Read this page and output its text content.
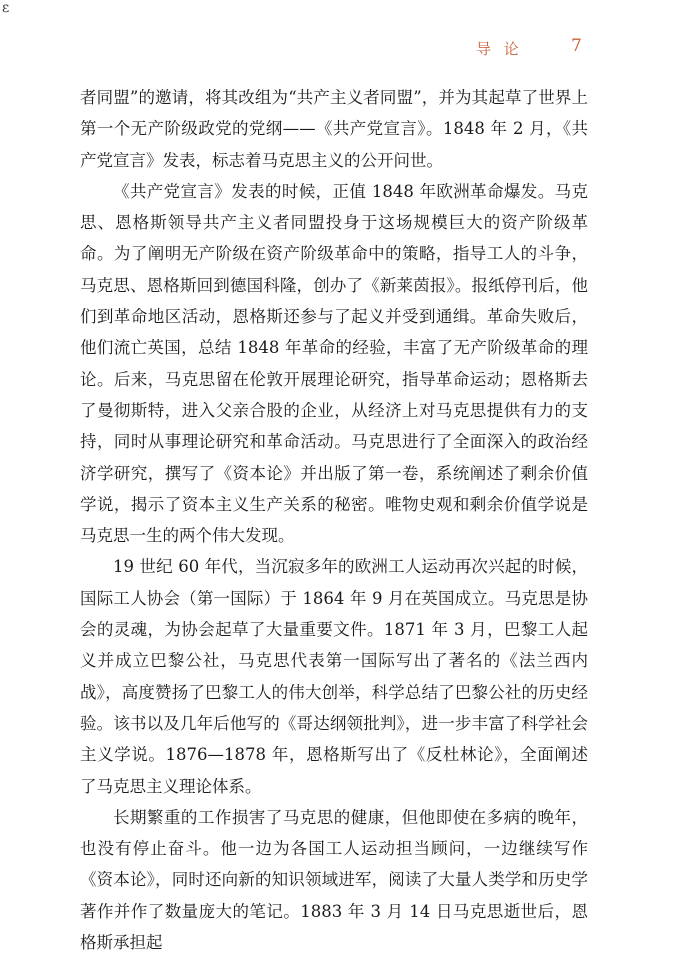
ε
导 论	7

者同盟”的邀请，将其改组为“共产主义者同盟”，并为其起草了世界上第一个无产阶级政党的党纲——《共产党宣言》。1848 年 2 月，《共产党宣言》发表，标志着马克思主义的公开问世。

《共产党宣言》发表的时候，正值 1848 年欧洲革命爆发。马克思、恩格斯领导共产主义者同盟投身于这场规模巨大的资产阶级革命。为了阐明无产阶级在资产阶级革命中的策略，指导工人的斗争，马克思、恩格斯回到德国科隆，创办了《新莱茵报》。报纸停刊后，他们到革命地区活动，恩格斯还参与了起义并受到通缉。革命失败后，他们流亡英国，总结 1848 年革命的经验，丰富了无产阶级革命的理论。后来，马克思留在伦敦开展理论研究，指导革命运动；恩格斯去了曼彻斯特，进入父亲合股的企业，从经济上对马克思提供有力的支持，同时从事理论研究和革命活动。马克思进行了全面深入的政治经济学研究，撰写了《资本论》并出版了第一卷，系统阐述了剩余价值学说，揭示了资本主义生产关系的秘密。唯物史观和剩余价值学说是马克思一生的两个伟大发现。

19 世纪 60 年代，当沉寂多年的欧洲工人运动再次兴起的时候，国际工人协会（第一国际）于 1864 年 9 月在英国成立。马克思是协会的灵魂，为协会起草了大量重要文件。1871 年 3 月，巴黎工人起义并成立巴黎公社，马克思代表第一国际写出了著名的《法兰西内战》，高度赞扬了巴黎工人的伟大创举，科学总结了巴黎公社的历史经验。该书以及几年后他写的《哥达纲领批判》，进一步丰富了科学社会主义学说。1876—1878 年，恩格斯写出了《反杜林论》，全面阐述了马克思主义理论体系。

长期繁重的工作损害了马克思的健康，但他即使在多病的晚年，也没有停止奋斗。他一边为各国工人运动担当顾问，一边继续写作《资本论》，同时还向新的知识领域进军，阅读了大量人类学和历史学著作并作了数量庞大的笔记。1883 年 3 月 14 日马克思逝世后，恩格斯承担起
